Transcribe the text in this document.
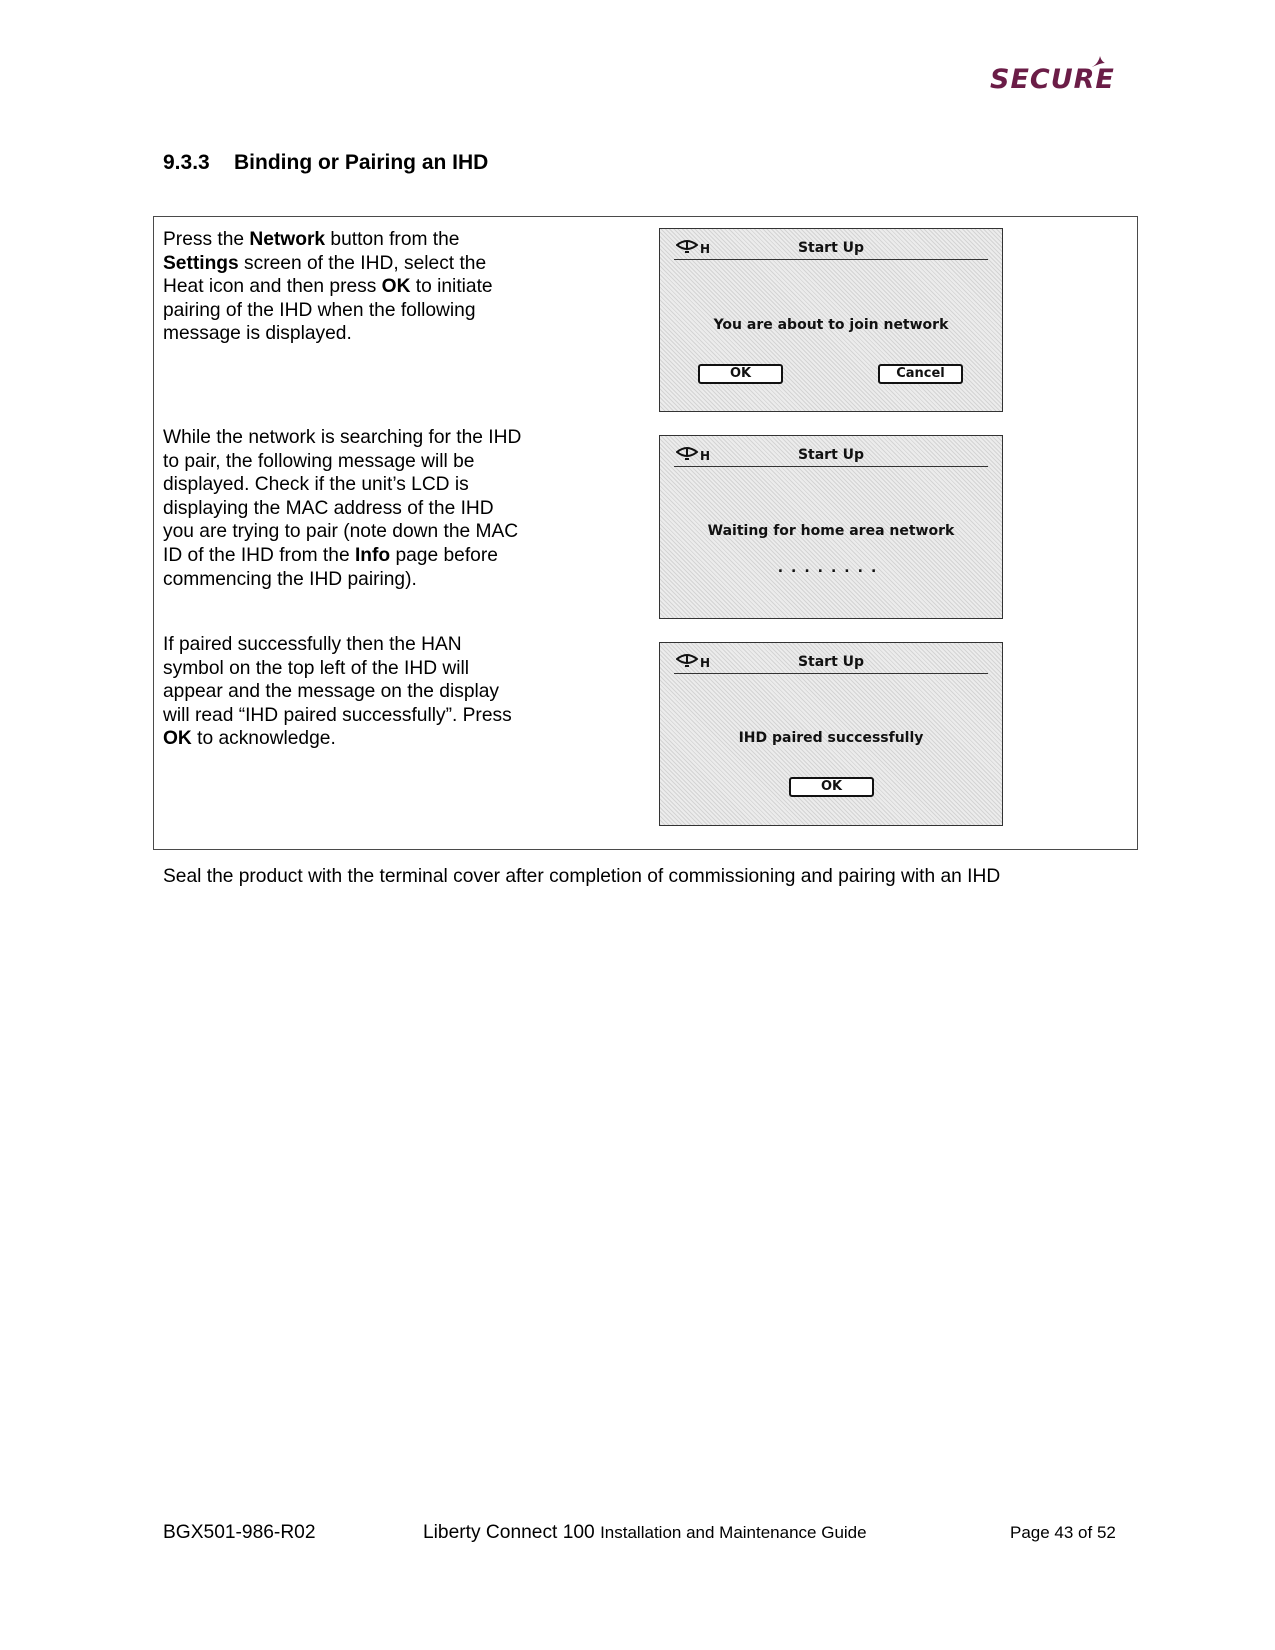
SECURE
9.3.3 Binding or Pairing an IHD
Press the Network button from the Settings screen of the IHD, select the Heat icon and then press OK to initiate pairing of the IHD when the following message is displayed.
H	Start Up
You are about to join network
OK	Cancel
While the network is searching for the IHD to pair, the following message will be displayed. Check if the unit’s LCD is displaying the MAC address of the IHD you are trying to pair (note down the MAC ID of the IHD from the Info page before commencing the IHD pairing).
H	Start Up
Waiting for home area network
........
If paired successfully then the HAN symbol on the top left of the IHD will appear and the message on the display will read “IHD paired successfully”. Press OK to acknowledge.
H	Start Up
IHD paired successfully
OK
Seal the product with the terminal cover after completion of commissioning and pairing with an IHD
BGX501-986-R02	Liberty Connect 100 Installation and Maintenance Guide	Page 43 of 52
